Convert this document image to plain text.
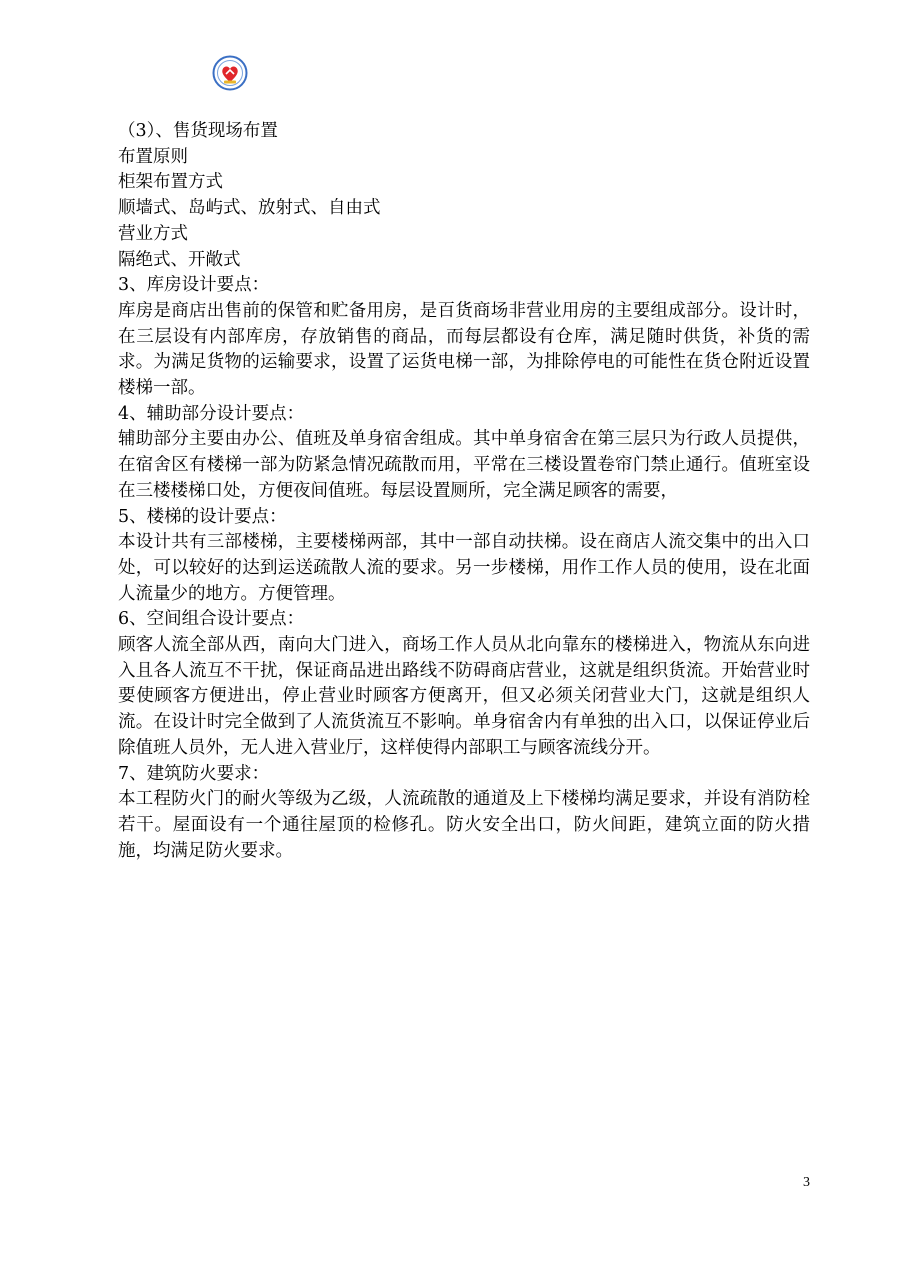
（3）、售货现场布置
布置原则
柜架布置方式
顺墙式、岛屿式、放射式、自由式
营业方式
隔绝式、开敞式
3、库房设计要点：
库房是商店出售前的保管和贮备用房，是百货商场非营业用房的主要组成部分。设计时，在三层设有内部库房，存放销售的商品，而每层都设有仓库，满足随时供货，补货的需求。为满足货物的运输要求，设置了运货电梯一部，为排除停电的可能性在货仓附近设置楼梯一部。
4、辅助部分设计要点：
辅助部分主要由办公、值班及单身宿舍组成。其中单身宿舍在第三层只为行政人员提供，在宿舍区有楼梯一部为防紧急情况疏散而用，平常在三楼设置卷帘门禁止通行。值班室设在三楼楼梯口处，方便夜间值班。每层设置厕所，完全满足顾客的需要，
5、楼梯的设计要点：
本设计共有三部楼梯，主要楼梯两部，其中一部自动扶梯。设在商店人流交集中的出入口处，可以较好的达到运送疏散人流的要求。另一步楼梯，用作工作人员的使用，设在北面人流量少的地方。方便管理。
6、空间组合设计要点：
顾客人流全部从西，南向大门进入，商场工作人员从北向靠东的楼梯进入，物流从东向进入且各人流互不干扰，保证商品进出路线不防碍商店营业，这就是组织货流。开始营业时要使顾客方便进出，停止营业时顾客方便离开，但又必须关闭营业大门，这就是组织人流。在设计时完全做到了人流货流互不影响。单身宿舍内有单独的出入口，以保证停业后除值班人员外，无人进入营业厅，这样使得内部职工与顾客流线分开。
7、建筑防火要求：
本工程防火门的耐火等级为乙级，人流疏散的通道及上下楼梯均满足要求，并设有消防栓若干。屋面设有一个通往屋顶的检修孔。防火安全出口，防火间距，建筑立面的防火措施，均满足防火要求。
3
